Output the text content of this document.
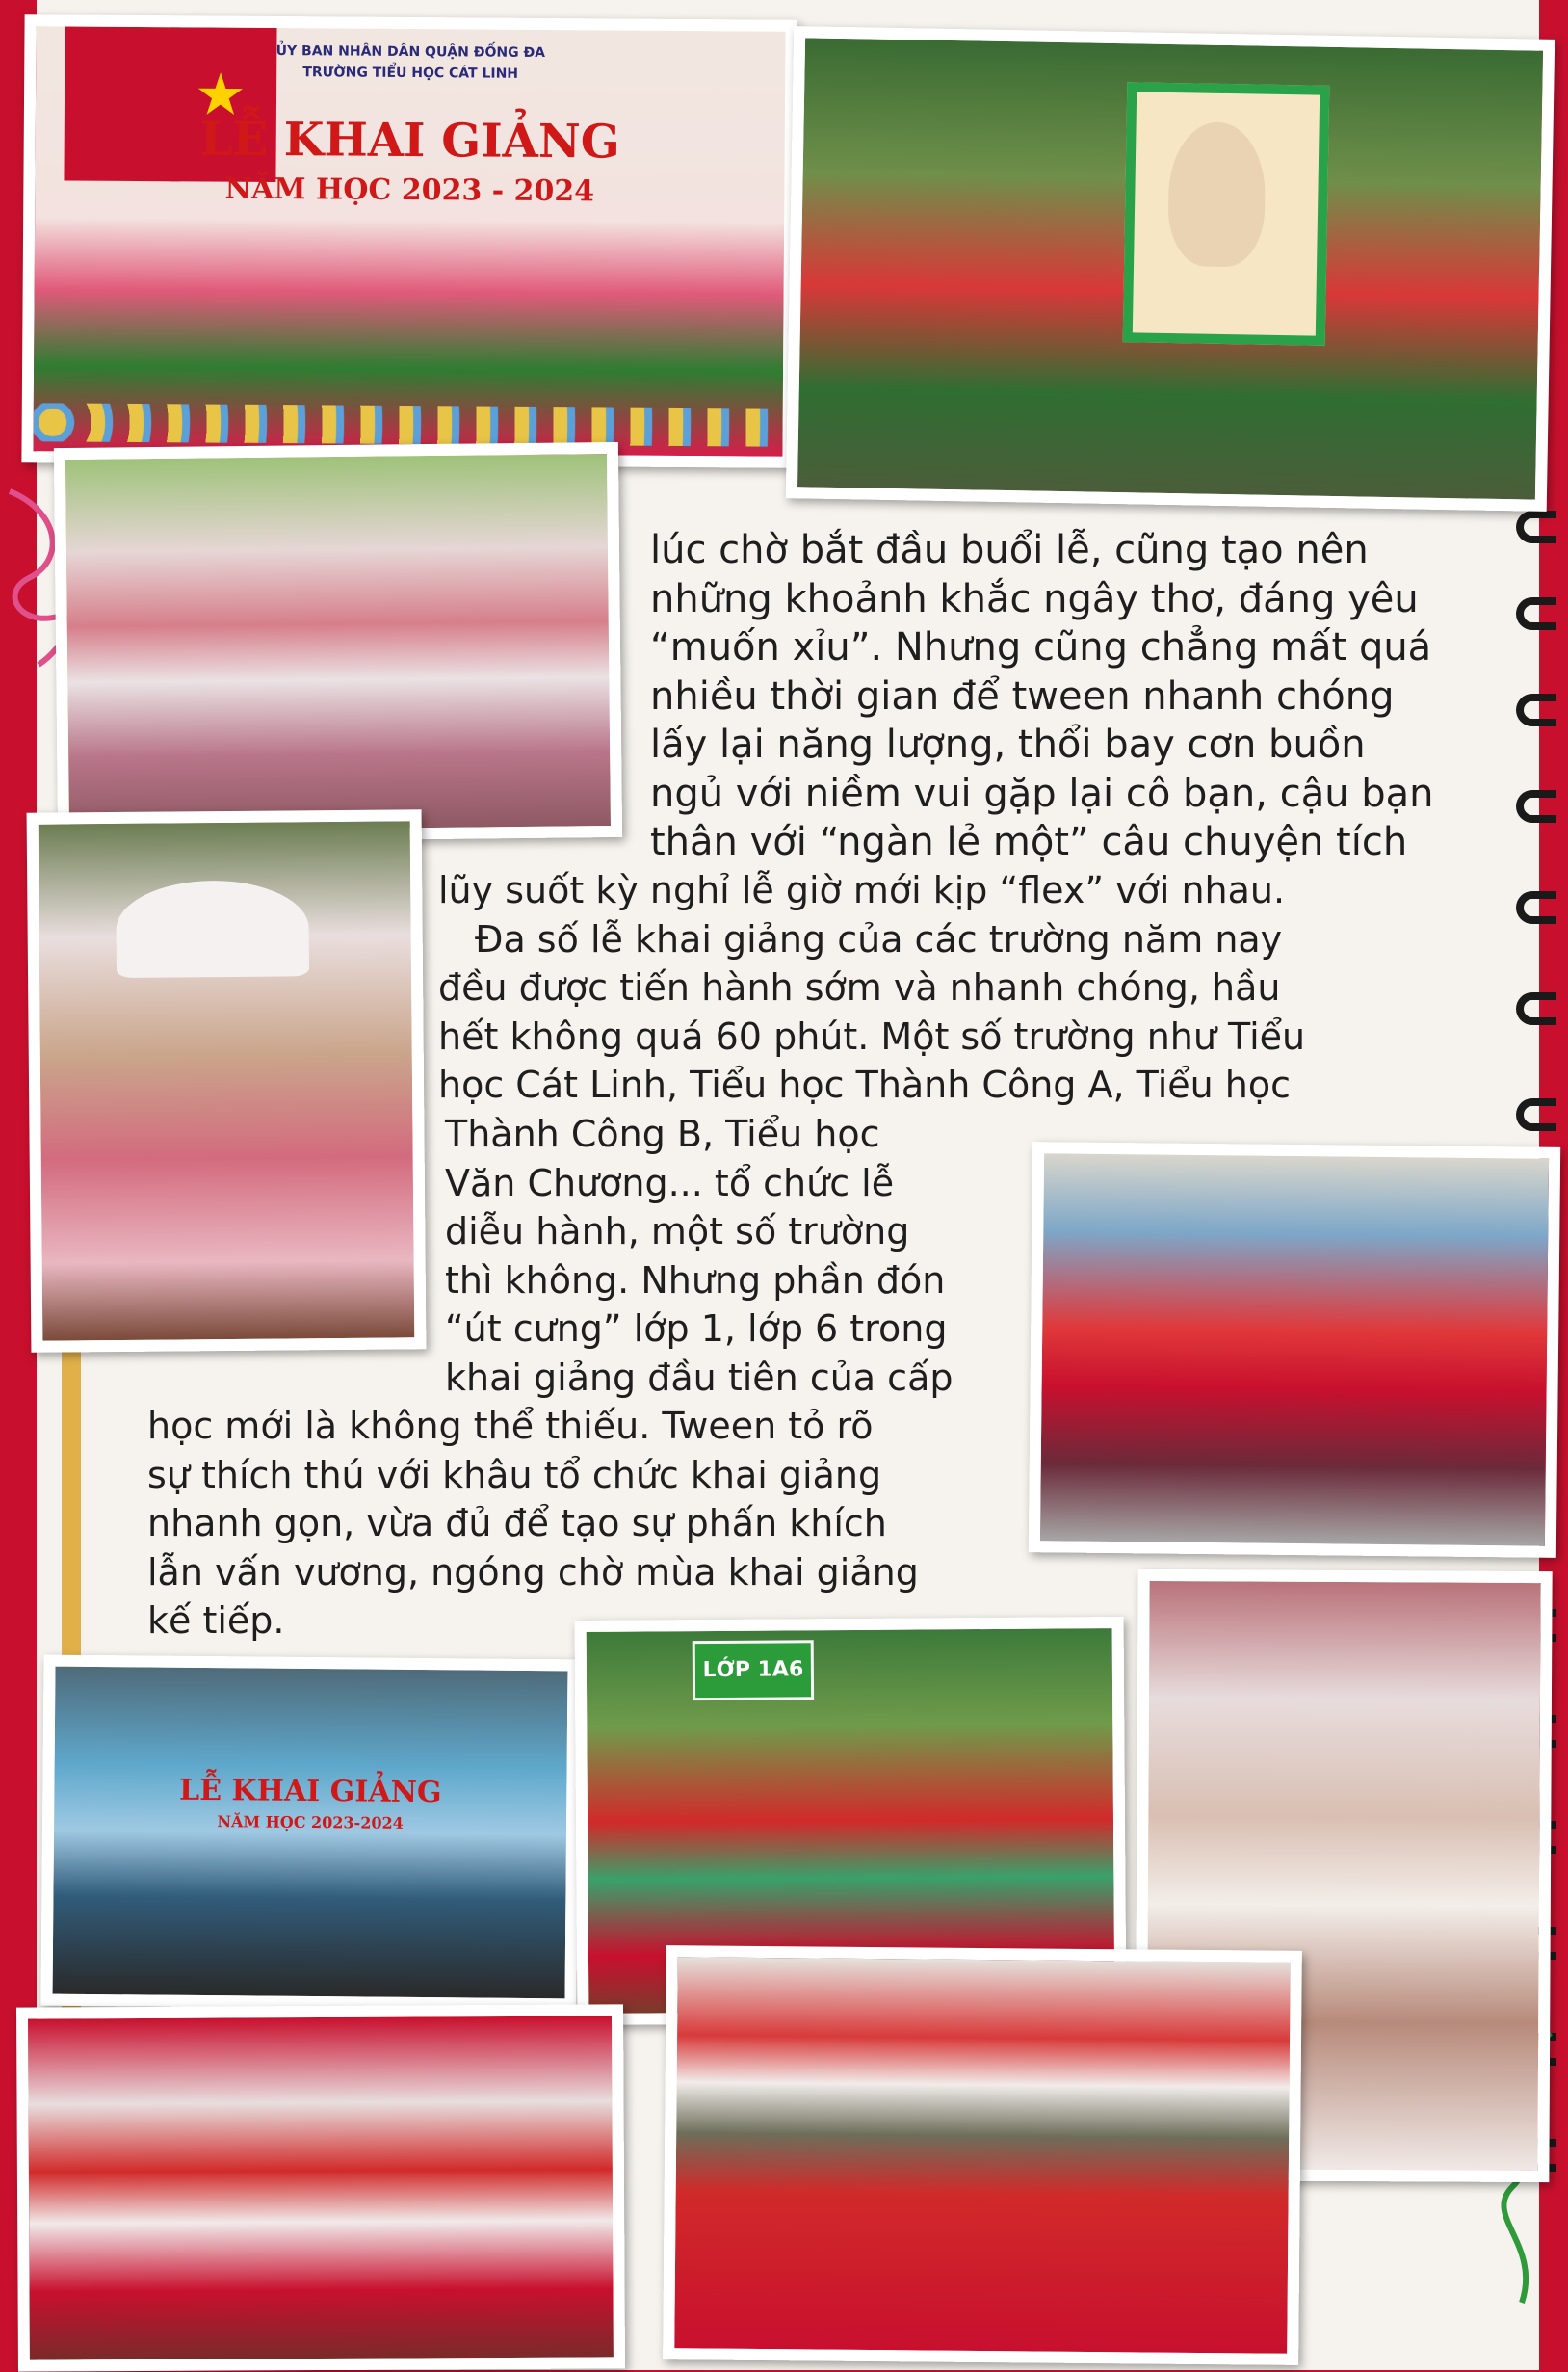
★
ỦY BAN NHÂN DÂN QUẬN ĐỐNG ĐA
TRƯỜNG TIỂU HỌC CÁT LINH
LỄ KHAI GIẢNG
NĂM HỌC 2023 - 2024
LỄ KHAI GIẢNG
NĂM HỌC 2023-2024
LỚP 1A6

lúc chờ bắt đầu buổi lễ, cũng tạo nên

những khoảnh khắc ngây thơ, đáng yêu

“muốn xỉu”. Nhưng cũng chẳng mất quá

nhiều thời gian để tween nhanh chóng

lấy lại năng lượng, thổi bay cơn buồn

ngủ với niềm vui gặp lại cô bạn, cậu bạn

thân với “ngàn lẻ một” câu chuyện tích

lũy suốt kỳ nghỉ lễ giờ mới kịp “flex” với nhau.

Đa số lễ khai giảng của các trường năm nay

đều được tiến hành sớm và nhanh chóng, hầu

hết không quá 60 phút. Một số trường như Tiểu

học Cát Linh, Tiểu học Thành Công A, Tiểu học

Thành Công B, Tiểu học

Văn Chương... tổ chức lễ

diễu hành, một số trường

thì không. Nhưng phần đón

“út cưng” lớp 1, lớp 6 trong

khai giảng đầu tiên của cấp

học mới là không thể thiếu. Tween tỏ rõ

sự thích thú với khâu tổ chức khai giảng

nhanh gọn, vừa đủ để tạo sự phấn khích

lẫn vấn vương, ngóng chờ mùa khai giảng

kế tiếp.
